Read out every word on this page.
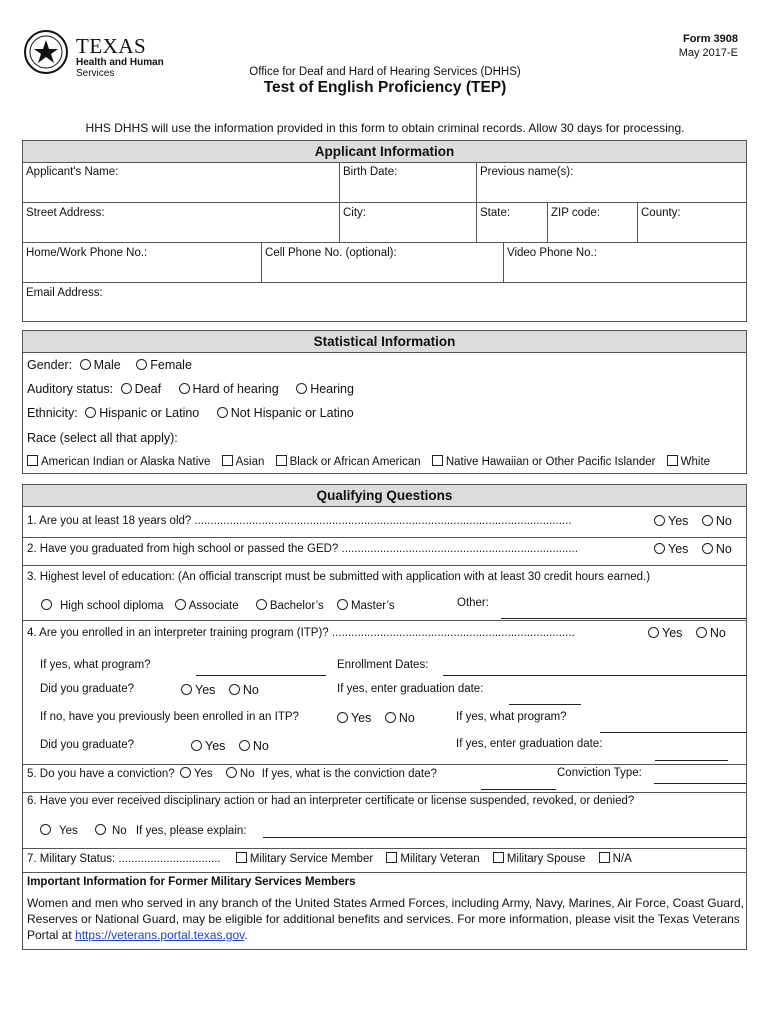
TEXAS
Health and Human
Services
Form 3908
May 2017-E
Office for Deaf and Hard of Hearing Services (DHHS)
Test of English Proficiency (TEP)
HHS DHHS will use the information provided in this form to obtain criminal records. Allow 30 days for processing.
Applicant Information
Applicant's Name:	Birth Date:	Previous name(s):
Street Address:	City:	State:	ZIP code:	County:
Home/Work Phone No.:	Cell Phone No. (optional):	Video Phone No.:
Email Address:
Statistical Information
Gender: Male Female
Auditory status: Deaf	Hard of hearing	Hearing
Ethnicity: Hispanic or Latino	Not Hispanic or Latino
Race (select all that apply):
American Indian or Alaska Native Asian Black or African American Native Hawaiian or Other Pacific Islander White
Qualifying Questions
1. Are you at least 18 years old? ......................................................................................................................	Yes No
2. Have you graduated from high school or passed the GED? ..........................................................................	Yes No
3. Highest level of education: (An official transcript must be submitted with application with at least 30 credit hours earned.)
High school diploma Associate	Bachelor’s Master’s	Other:
4. Are you enrolled in an interpreter training program (ITP)? ............................................................................	Yes No
If yes, what program?	Enrollment Dates:
Did you graduate?	Yes No	If yes, enter graduation date:
If no, have you previously been enrolled in an ITP?	Yes No	If yes, what program?
Did you graduate?	Yes No	If yes, enter graduation date:
5. Do you have a conviction? Yes No If yes, what is the conviction date?	Conviction Type:
6. Have you ever received disciplinary action or had an interpreter certificate or license suspended, revoked, or denied?
Yes	No If yes, please explain:
7. Military Status: ................................	Military Service Member Military Veteran Military Spouse N/A
Important Information for Former Military Services Members
Women and men who served in any branch of the United States Armed Forces, including Army, Navy, Marines, Air Force, Coast Guard, Reserves or National Guard, may be eligible for additional benefits and services. For more information, please visit the Texas Veterans Portal at https://veterans.portal.texas.gov.
